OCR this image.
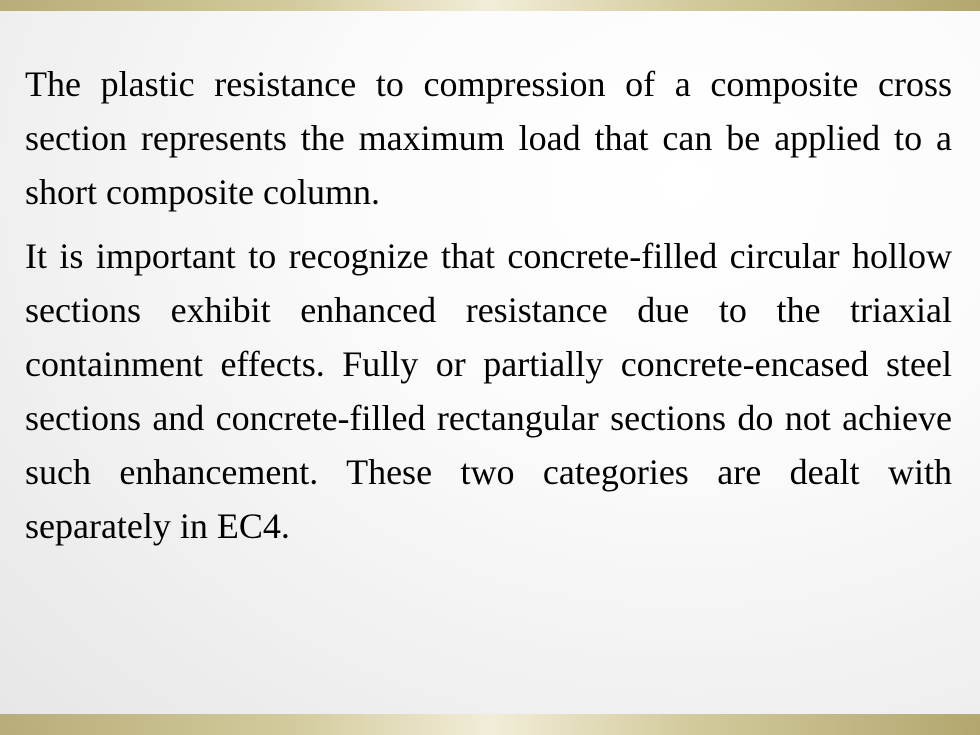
The plastic resistance to compression of a composite cross section represents the maximum load that can be applied to a short composite column.

It is important to recognize that concrete-filled circular hollow sections exhibit enhanced resistance due to the triaxial containment effects. Fully or partially concrete-encased steel sections and concrete-filled rectangular sections do not achieve such enhancement. These two categories are dealt with separately in EC4.
